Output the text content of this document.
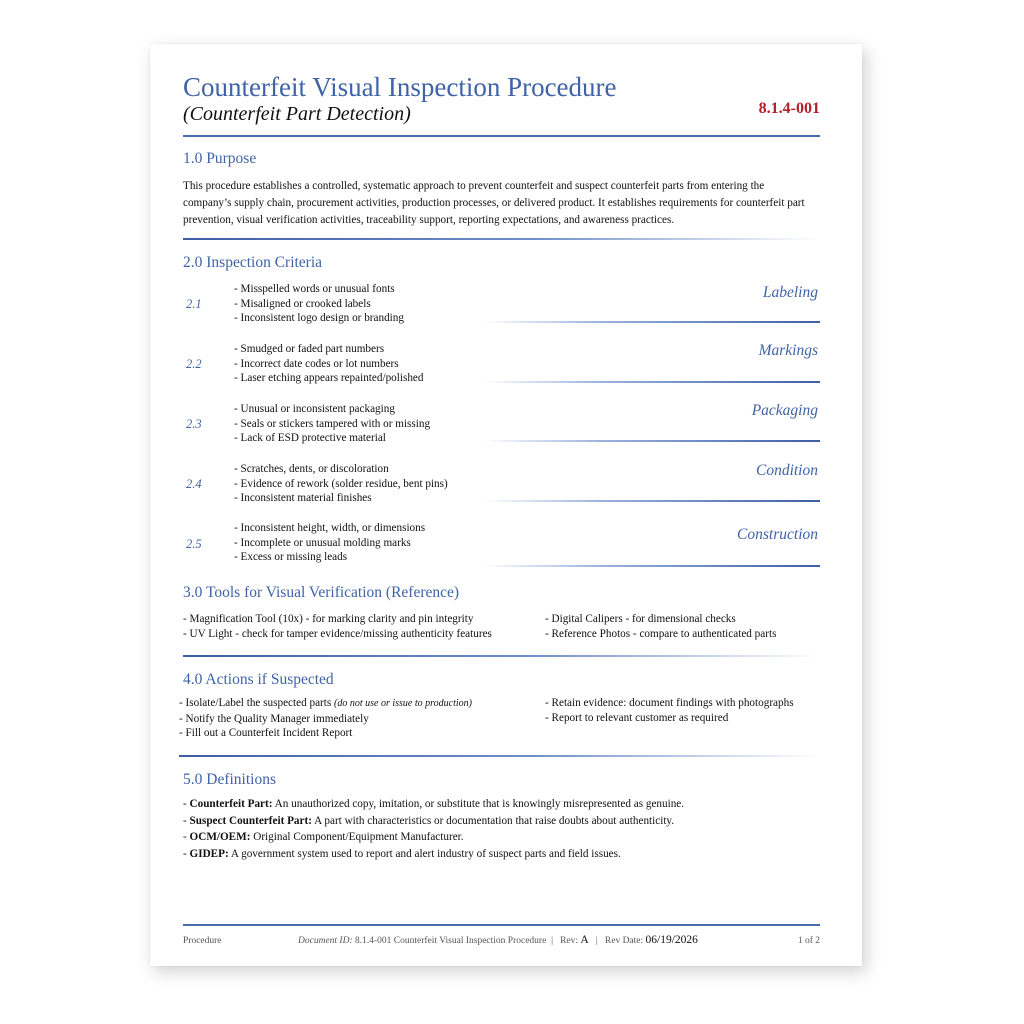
Counterfeit Visual Inspection Procedure
(Counterfeit Part Detection)	8.1.4-001
1.0 Purpose
This procedure establishes a controlled, systematic approach to prevent counterfeit and suspect counterfeit parts from entering the company’s supply chain, procurement activities, production processes, or delivered product. It establishes requirements for counterfeit part prevention, visual verification activities, traceability support, reporting expectations, and awareness practices.
2.0 Inspection Criteria
2.1
- Misspelled words or unusual fonts
- Misaligned or crooked labels
- Inconsistent logo design or branding
Labeling
2.2
- Smudged or faded part numbers
- Incorrect date codes or lot numbers
- Laser etching appears repainted/polished
Markings
2.3
- Unusual or inconsistent packaging
- Seals or stickers tampered with or missing
- Lack of ESD protective material
Packaging
2.4
- Scratches, dents, or discoloration
- Evidence of rework (solder residue, bent pins)
- Inconsistent material finishes
Condition
2.5
- Inconsistent height, width, or dimensions
- Incomplete or unusual molding marks
- Excess or missing leads
Construction
3.0 Tools for Visual Verification (Reference)
- Magnification Tool (10x) - for marking clarity and pin integrity
- UV Light - check for tamper evidence/missing authenticity features
- Digital Calipers - for dimensional checks
- Reference Photos - compare to authenticated parts
4.0 Actions if Suspected
- Isolate/Label the suspected parts (do not use or issue to production)
- Notify the Quality Manager immediately
- Fill out a Counterfeit Incident Report
- Retain evidence: document findings with photographs
- Report to relevant customer as required
5.0 Definitions
- Counterfeit Part: An unauthorized copy, imitation, or substitute that is knowingly misrepresented as genuine.
- Suspect Counterfeit Part: A part with characteristics or documentation that raise doubts about authenticity.
- OCM/OEM: Original Component/Equipment Manufacturer.
- GIDEP: A government system used to report and alert industry of suspect parts and field issues.
Procedure	Document ID: 8.1.4-001 Counterfeit Visual Inspection Procedure | Rev: A | Rev Date: 06/19/2026	1 of 2
